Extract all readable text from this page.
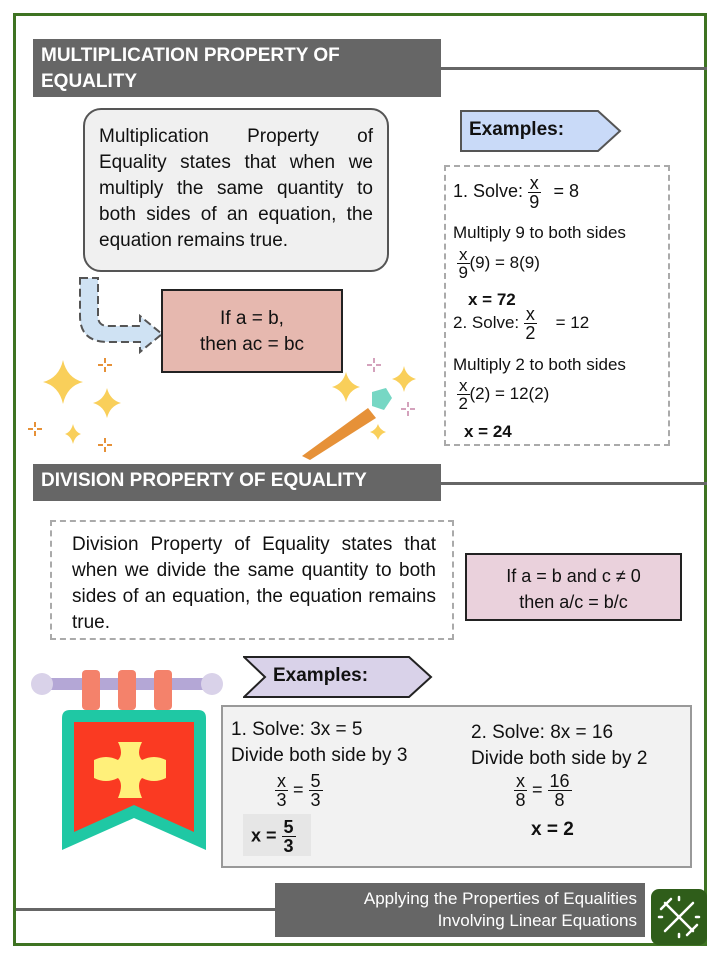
MULTIPLICATION PROPERTY OF
EQUALITY
Multiplication Property of Equality states that when we multiply the same quantity to both sides of an equation, the equation remains true.
If a = b,
then ac = bc
Examples:
1. Solve: $\frac{x}{9} = 8$
Multiply 9 to both sides
$\frac{x}{9} (9) = 8(9)$
x = 72
2. Solve: $\frac{x}{2} = 12$
Multiply 2 to both sides
$\frac{x}{2} (2) = 12(2)$
x = 24
DIVISION PROPERTY OF EQUALITY
Division Property of Equality states that when we divide the same quantity to both sides of an equation, the equation remains true.
If a = b and c ≠ 0
then a/c = b/c
Examples:
1. Solve: 3x = 5
Divide both side by 3
$\frac{x}{3} = \frac{5}{3}$
$x = \frac{5}{3}$
2. Solve: 8x = 16
Divide both side by 2
$\frac{x}{8} = \frac{16}{8}$
x = 2
Applying the Properties of Equalities
Involving Linear Equations
